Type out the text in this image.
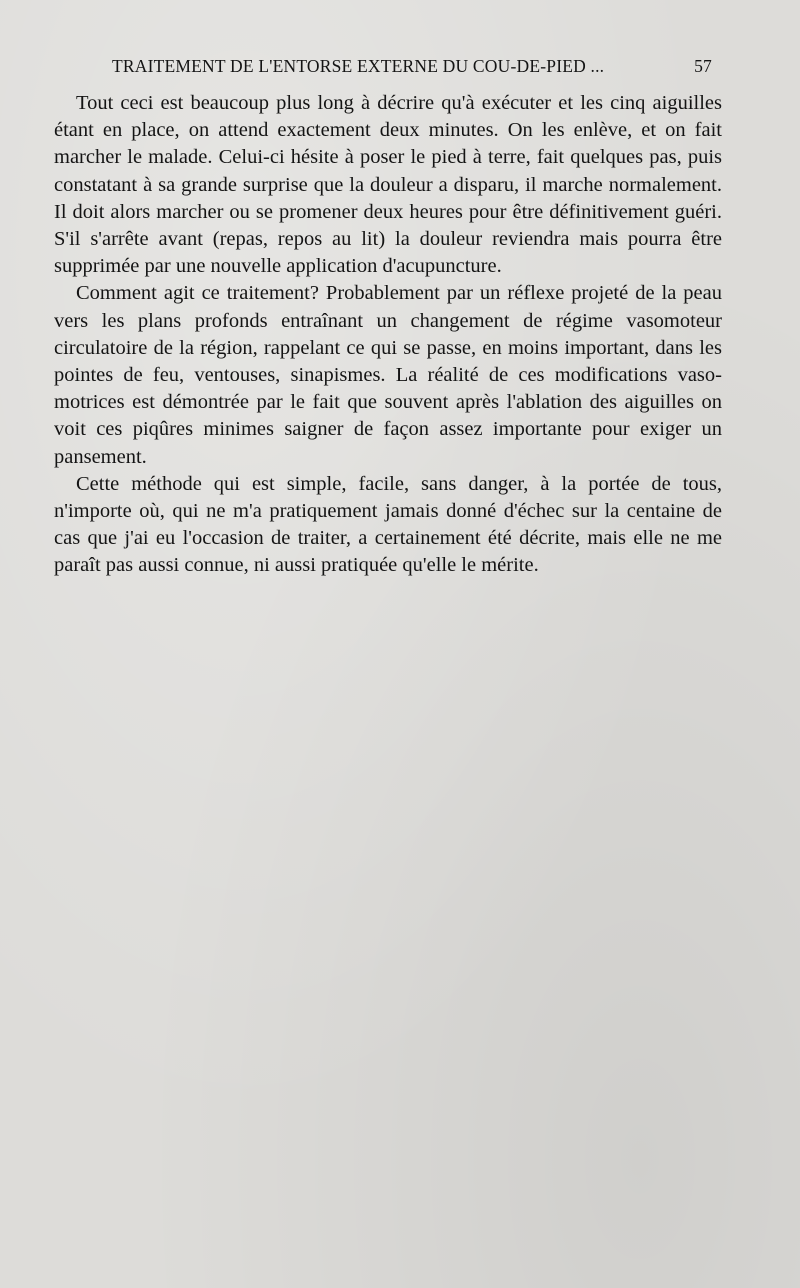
TRAITEMENT DE L'ENTORSE EXTERNE DU COU-DE-PIED ...	57

Tout ceci est beaucoup plus long à décrire qu'à exécuter et les cinq aiguilles étant en place, on attend exactement deux minutes. On les enlève, et on fait marcher le malade. Celui-ci hésite à poser le pied à terre, fait quelques pas, puis constatant à sa grande surprise que la douleur a disparu, il marche normalement. Il doit alors marcher ou se promener deux heures pour être définitivement guéri. S'il s'arrête avant (repas, repos au lit) la douleur reviendra mais pourra être supprimée par une nouvelle application d'acupuncture.

Comment agit ce traitement? Probablement par un réflexe projeté de la peau vers les plans profonds entraînant un changement de régime vasomoteur circulatoire de la région, rappelant ce qui se passe, en moins important, dans les pointes de feu, ventouses, sinapismes. La réalité de ces modifications vaso-motrices est démontrée par le fait que souvent après l'ablation des aiguilles on voit ces piqûres minimes saigner de façon assez importante pour exiger un pansement.

Cette méthode qui est simple, facile, sans danger, à la portée de tous, n'importe où, qui ne m'a pratiquement jamais donné d'échec sur la centaine de cas que j'ai eu l'occasion de traiter, a certainement été décrite, mais elle ne me paraît pas aussi connue, ni aussi pratiquée qu'elle le mérite.
